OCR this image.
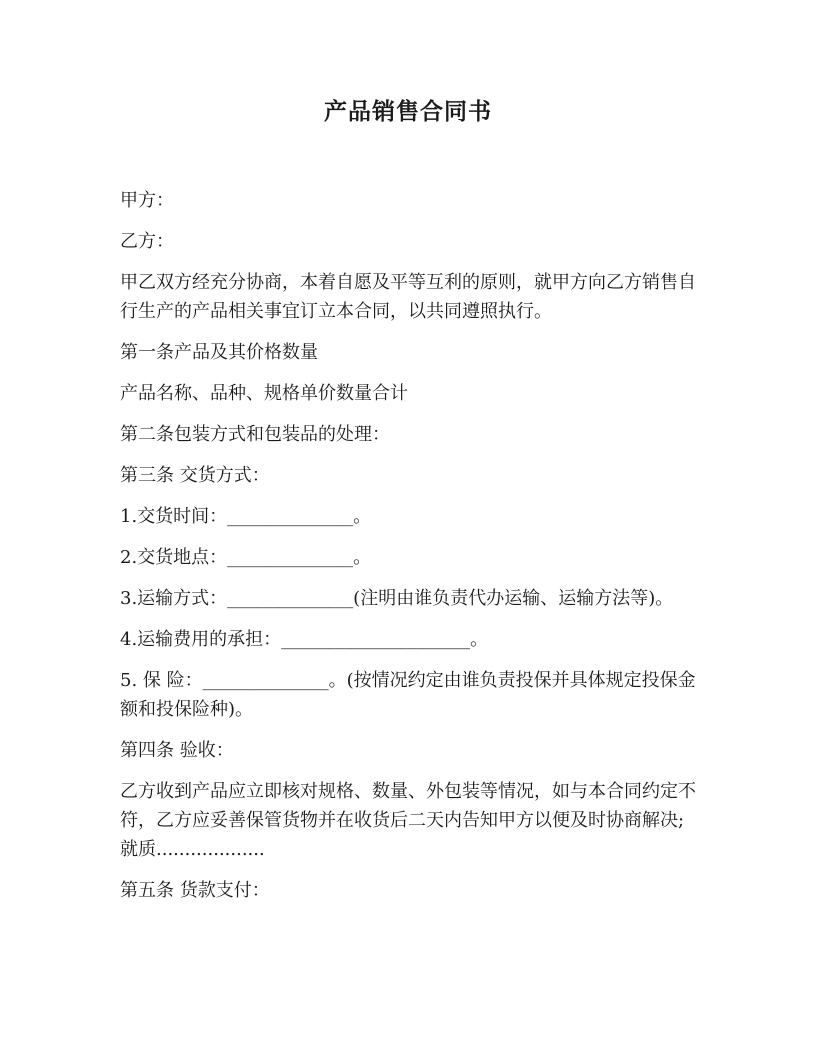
产品销售合同书

甲方：

乙方：

甲乙双方经充分协商，本着自愿及平等互利的原则，就甲方向乙方销售自行生产的产品相关事宜订立本合同，以共同遵照执行。

第一条产品及其价格数量

产品名称、品种、规格单价数量合计

第二条包装方式和包装品的处理：

第三条 交货方式：

1.交货时间：______________。

2.交货地点：______________。

3.运输方式：______________(注明由谁负责代办运输、运输方法等)。

4.运输费用的承担：_____________________。

5. 保 险：______________。(按情况约定由谁负责投保并具体规定投保金额和投保险种)。

第四条 验收：

乙方收到产品应立即核对规格、数量、外包装等情况，如与本合同约定不符，乙方应妥善保管货物并在收货后二天内告知甲方以便及时协商解决;就质...................

第五条 货款支付：
